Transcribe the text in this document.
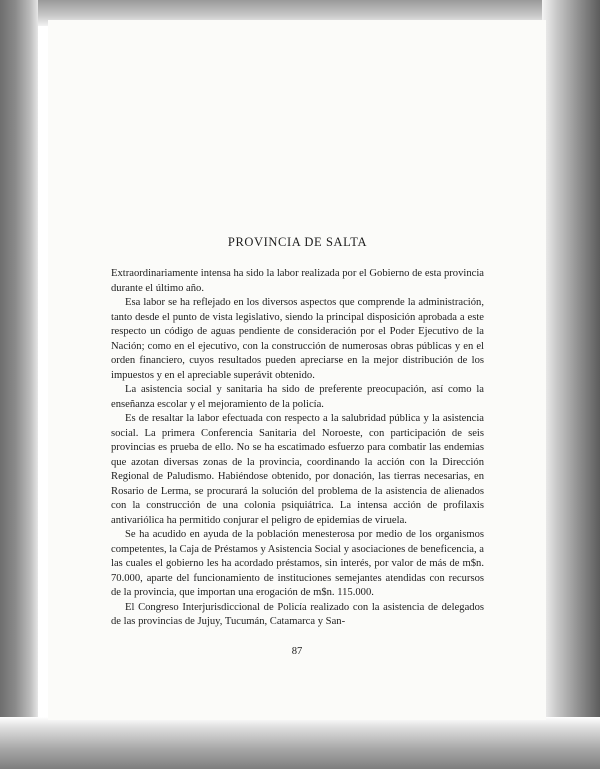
PROVINCIA DE SALTA

Extraordinariamente intensa ha sido la labor realizada por el Gobierno de esta provincia durante el último año.

Esa labor se ha reflejado en los diversos aspectos que comprende la administración, tanto desde el punto de vista legislativo, siendo la principal disposición aprobada a este respecto un código de aguas pendiente de consideración por el Poder Ejecutivo de la Nación; como en el ejecutivo, con la construcción de numerosas obras públicas y en el orden financiero, cuyos resultados pueden apreciarse en la mejor distribución de los impuestos y en el apreciable superávit obtenido.

La asistencia social y sanitaria ha sido de preferente preocupación, así como la enseñanza escolar y el mejoramiento de la policía.

Es de resaltar la labor efectuada con respecto a la salubridad pública y la asistencia social. La primera Conferencia Sanitaria del Noroeste, con participación de seis provincias es prueba de ello. No se ha escatimado esfuerzo para combatir las endemias que azotan diversas zonas de la provincia, coordinando la acción con la Dirección Regional de Paludismo. Habiéndose obtenido, por donación, las tierras necesarias, en Rosario de Lerma, se procurará la solución del problema de la asistencia de alienados con la construcción de una colonia psiquiátrica. La intensa acción de profilaxis antivariólica ha permitido conjurar el peligro de epidemias de viruela.

Se ha acudido en ayuda de la población menesterosa por medio de los organismos competentes, la Caja de Préstamos y Asistencia Social y asociaciones de beneficencia, a las cuales el gobierno les ha acordado préstamos, sin interés, por valor de más de m$n. 70.000, aparte del funcionamiento de instituciones semejantes atendidas con recursos de la provincia, que importan una erogación de m$n. 115.000.

El Congreso Interjurisdiccional de Policía realizado con la asistencia de delegados de las provincias de Jujuy, Tucumán, Catamarca y San-

87
